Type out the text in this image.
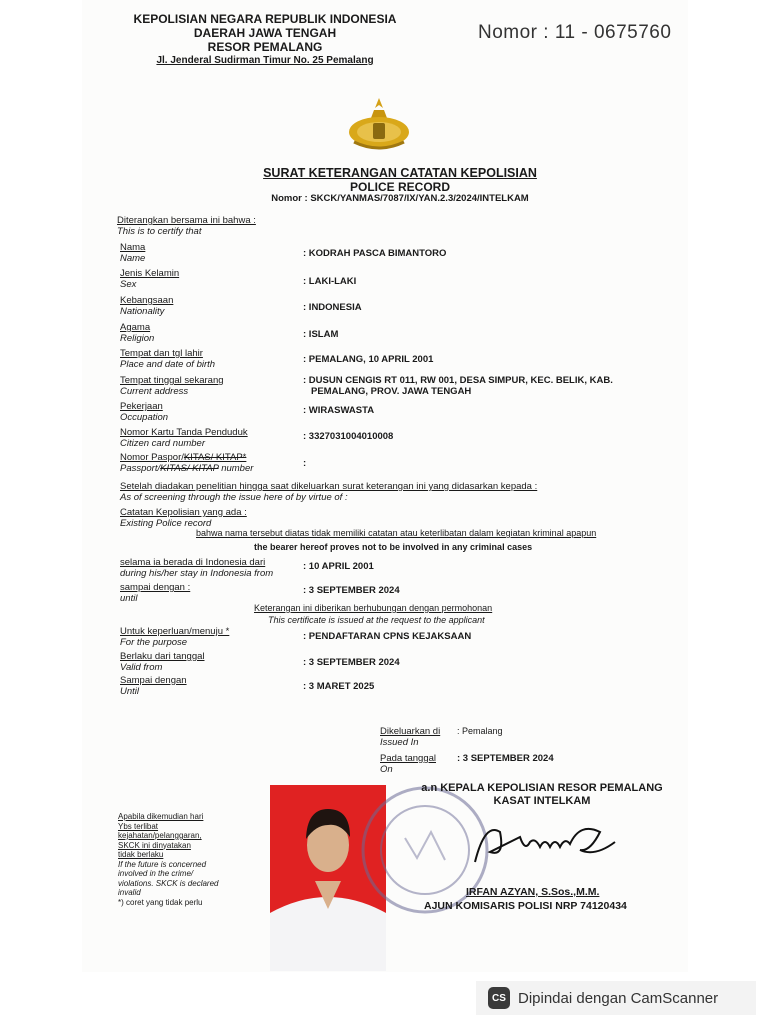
KEPOLISIAN NEGARA REPUBLIK INDONESIA
DAERAH JAWA TENGAH
RESOR PEMALANG
Jl. Jenderal Sudirman Timur No. 25 Pemalang
Nomor : 11 - 0675760
SURAT KETERANGAN CATATAN KEPOLISIAN
POLICE RECORD
Nomor : SKCK/YANMAS/7087/IX/YAN.2.3/2024/INTELKAM
Diterangkan bersama ini bahwa :
This is to certify that
Nama
Name	: KODRAH PASCA BIMANTORO
Jenis Kelamin
Sex	: LAKI-LAKI
Kebangsaan
Nationality	: INDONESIA
Agama
Religion	: ISLAM
Tempat dan tgl lahir
Place and date of birth	: PEMALANG, 10 APRIL 2001
Tempat tinggal sekarang
Current address
: DUSUN CENGIS RT 011, RW 001, DESA SIMPUR, KEC. BELIK, KAB.
PEMALANG, PROV. JAWA TENGAH
Pekerjaan
Occupation
: WIRASWASTA
Nomor Kartu Tanda Penduduk
Citizen card number
: 3327031004010008
Nomor Paspor/KITAS/ KITAP*
Passport/KITAS/ KITAP number	:
Setelah diadakan penelitian hingga saat dikeluarkan surat keterangan ini yang didasarkan kepada :
As of screening through the issue here of by virtue of :
Catatan Kepolisian yang ada :
Existing Police record
bahwa nama tersebut diatas tidak memiliki catatan atau keterlibatan dalam kegiatan kriminal apapun
the bearer hereof proves not to be involved in any criminal cases
selama ia berada di Indonesia dari
during his/her stay in Indonesia from
: 10 APRIL 2001
sampai dengan :
until
: 3 SEPTEMBER 2024
Keterangan ini diberikan berhubungan dengan permohonan
This certificate is issued at the request to the applicant
Untuk keperluan/menuju *
For the purpose
: PENDAFTARAN CPNS KEJAKSAAN
Berlaku dari tanggal
Valid from	: 3 SEPTEMBER 2024
Sampai dengan
Until	: 3 MARET 2025
Dikeluarkan di
Issued In
: Pemalang
Pada tanggal
On
: 3 SEPTEMBER 2024
a.n KEPALA KEPOLISIAN RESOR PEMALANG
KASAT INTELKAM
IRFAN AZYAN, S.Sos.,M.M.
AJUN KOMISARIS POLISI NRP 74120434
Apabila dikemudian hari
Ybs terlibat
kejahatan/pelanggaran,
SKCK ini dinyatakan
tidak berlaku
If the future is concerned
involved in the crime/
violations. SKCK is declared
invalid
*) coret yang tidak perlu
CS Dipindai dengan CamScanner
